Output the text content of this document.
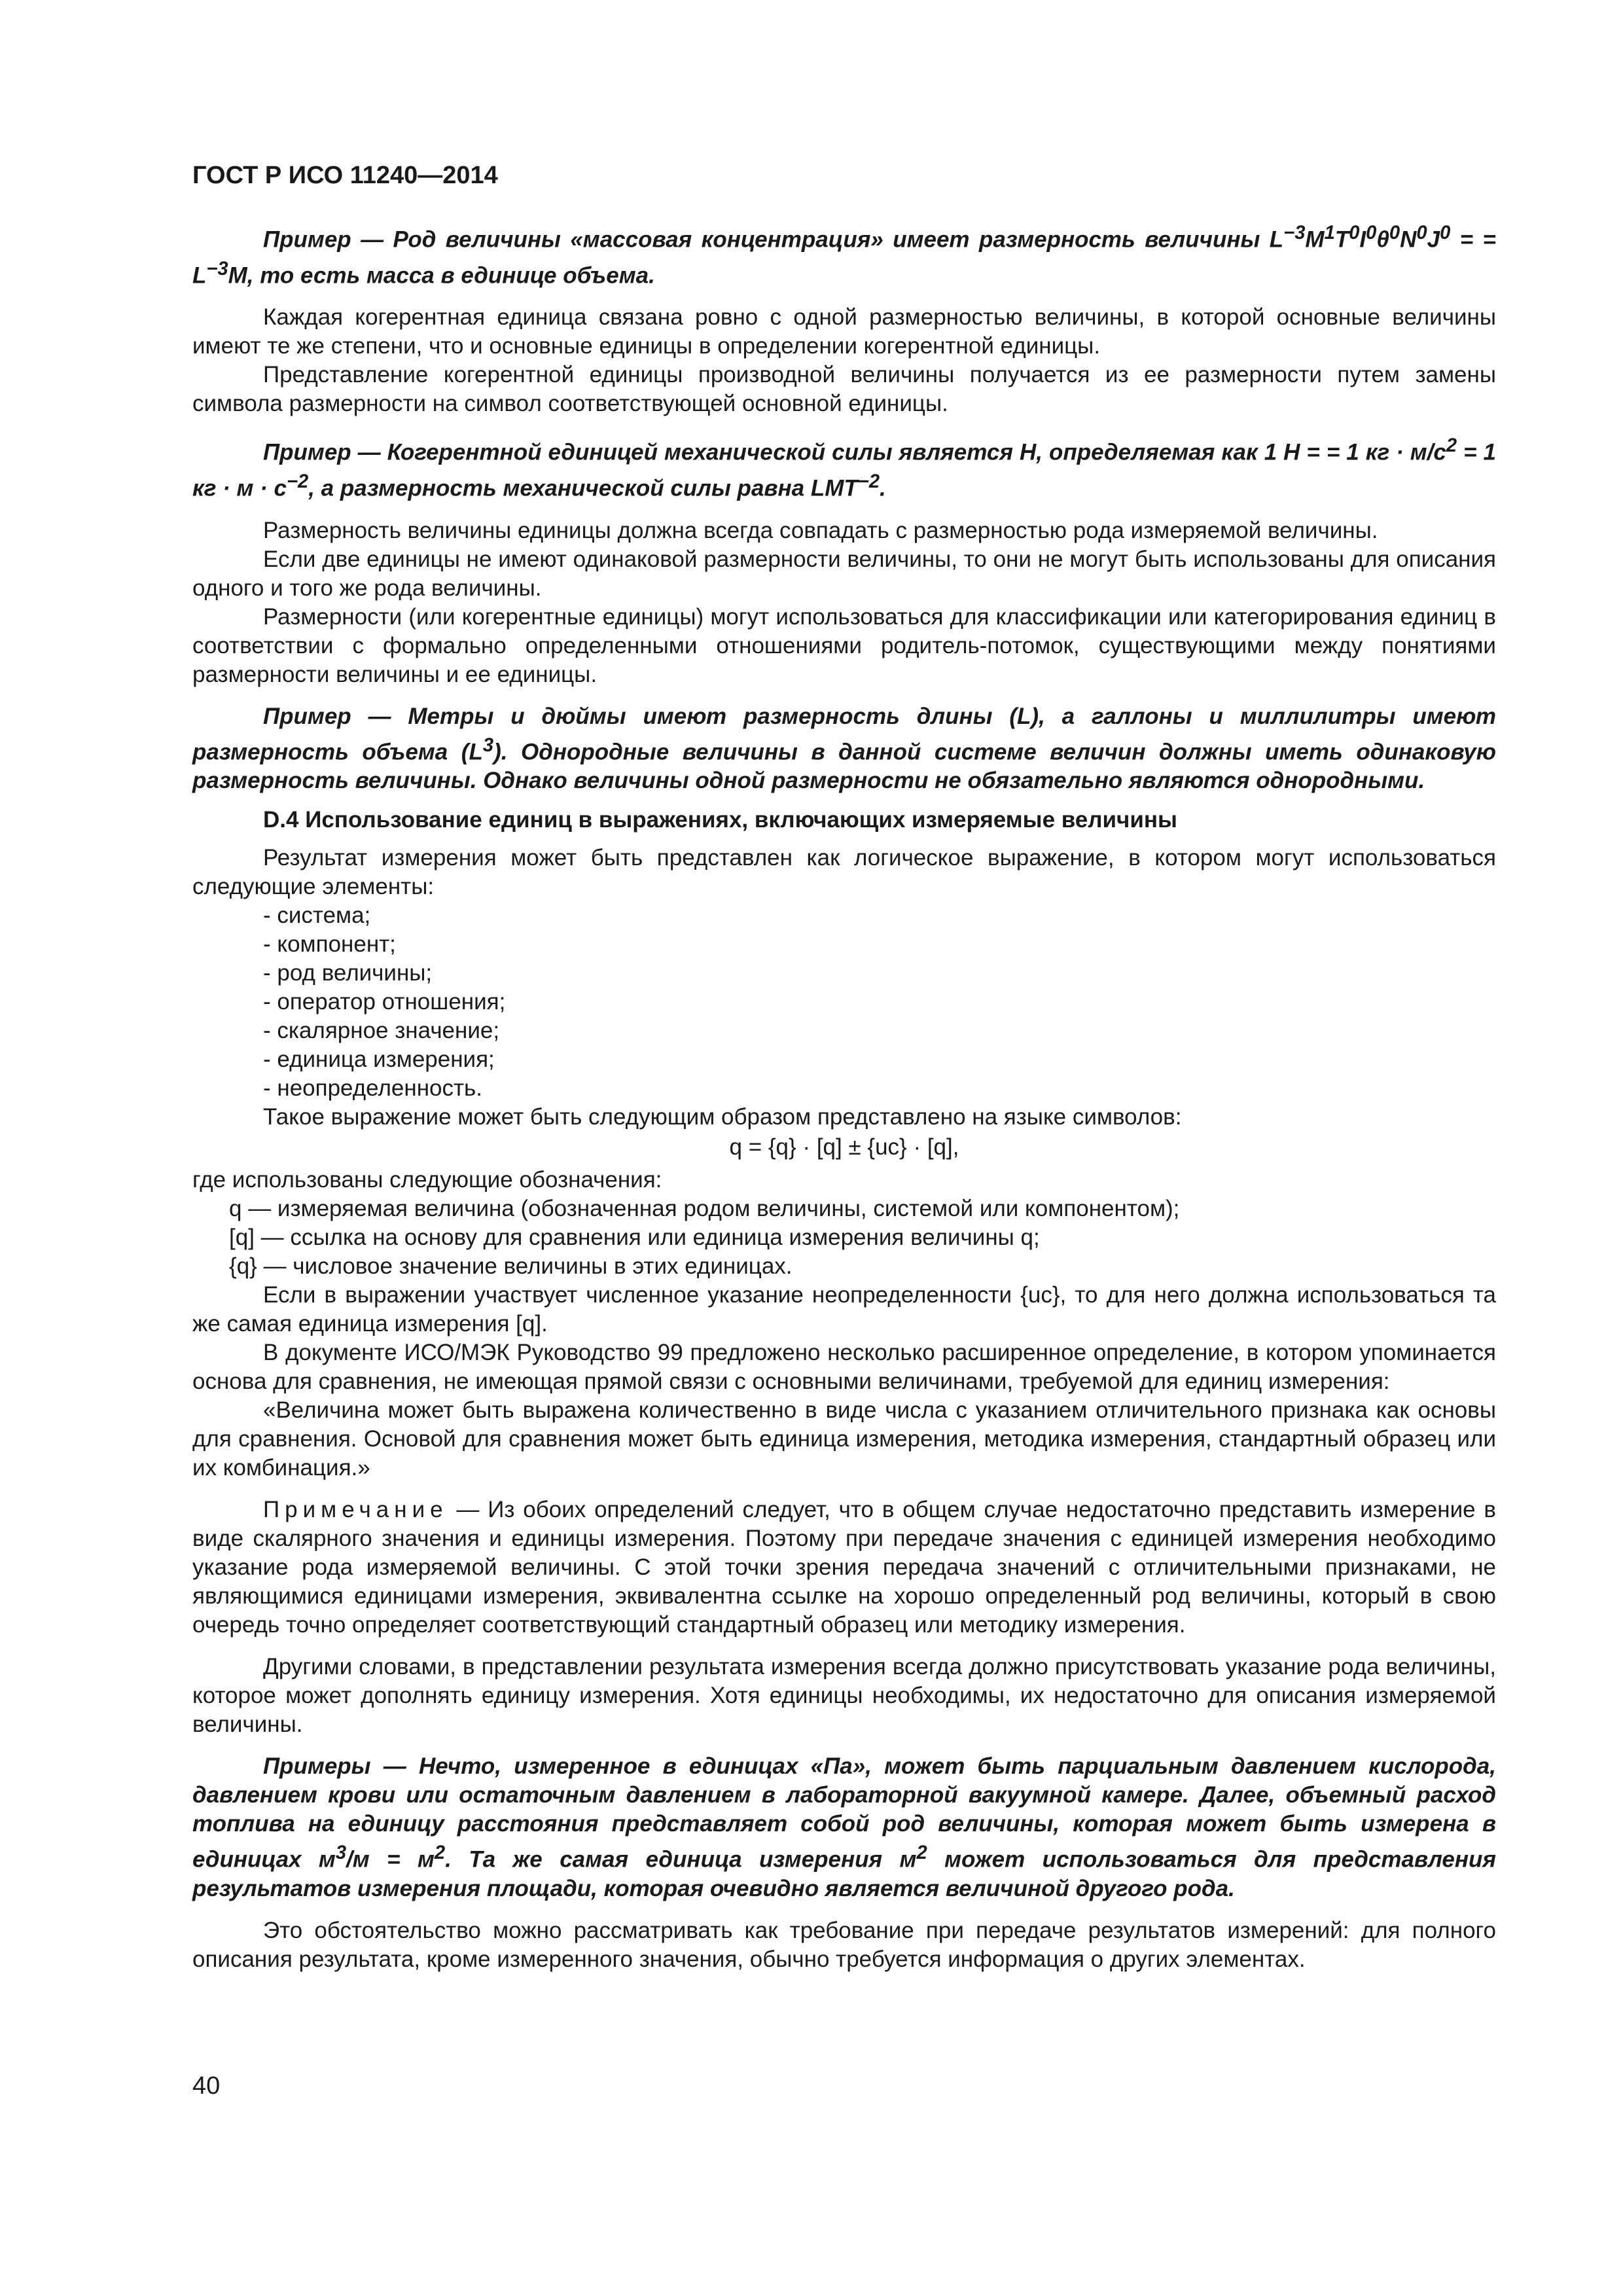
ГОСТ Р ИСО 11240—2014

Пример — Род величины «массовая концентрация» имеет размерность величины $L^{-3}M^1T^0I^0\theta^0N^0J^0$ = = $L^{-3}M$, то есть масса в единице объема.

Каждая когерентная единица связана ровно с одной размерностью величины, в которой основные величины имеют те же степени, что и основные единицы в определении когерентной единицы.

Представление когерентной единицы производной величины получается из ее размерности путем замены символа размерности на символ соответствующей основной единицы.

Пример — Когерентной единицей механической силы является Н, определяемая как 1 Н = = 1 кг · $м/с^2 = 1$ кг · $м \cdot с^{-2}$, а размерность механической силы равна $LMT^{-2}$.

Размерность величины единицы должна всегда совпадать с размерностью рода измеряемой величины.

Если две единицы не имеют одинаковой размерности величины, то они не могут быть использованы для описания одного и того же рода величины.

Размерности (или когерентные единицы) могут использоваться для классификации или категорирования единиц в соответствии с формально определенными отношениями родитель-потомок, существующими между понятиями размерности величины и ее единицы.

Пример — Метры и дюймы имеют размерность длины (L), а галлоны и миллилитры имеют размерность объема $(L^3)$. Однородные величины в данной системе величин должны иметь одинаковую размерность величины. Однако величины одной размерности не обязательно являются однородными.

D.4 Использование единиц в выражениях, включающих измеряемые величины

Результат измерения может быть представлен как логическое выражение, в котором могут использоваться следующие элементы:

- система;
- компонент;
- род величины;
- оператор отношения;
- скалярное значение;
- единица измерения;
- неопределенность.

Такое выражение может быть следующим образом представлено на языке символов:

q = {q} · [q] ± {uc} · [q],

где использованы следующие обозначения:

q — измеряемая величина (обозначенная родом величины, системой или компонентом);
[q] — ссылка на основу для сравнения или единица измерения величины q;
{q} — числовое значение величины в этих единицах.

Если в выражении участвует численное указание неопределенности {uc}, то для него должна использоваться та же самая единица измерения [q].

В документе ИСО/МЭК Руководство 99 предложено несколько расширенное определение, в котором упоминается основа для сравнения, не имеющая прямой связи с основными величинами, требуемой для единиц измерения:

«Величина может быть выражена количественно в виде числа с указанием отличительного признака как основы для сравнения. Основой для сравнения может быть единица измерения, методика измерения, стандартный образец или их комбинация.»

Примечание — Из обоих определений следует, что в общем случае недостаточно представить измерение в виде скалярного значения и единицы измерения. Поэтому при передаче значения с единицей измерения необходимо указание рода измеряемой величины. С этой точки зрения передача значений с отличительными признаками, не являющимися единицами измерения, эквивалентна ссылке на хорошо определенный род величины, который в свою очередь точно определяет соответствующий стандартный образец или методику измерения.

Другими словами, в представлении результата измерения всегда должно присутствовать указание рода величины, которое может дополнять единицу измерения. Хотя единицы необходимы, их недостаточно для описания измеряемой величины.

Примеры — Нечто, измеренное в единицах «Па», может быть парциальным давлением кислорода, давлением крови или остаточным давлением в лабораторной вакуумной камере. Далее, объемный расход топлива на единицу расстояния представляет собой род величины, которая может быть измерена в единицах $м^3/м = м^2$. Та же самая единица измерения $м^2$ может использоваться для представления результатов измерения площади, которая очевидно является величиной другого рода.

Это обстоятельство можно рассматривать как требование при передаче результатов измерений: для полного описания результата, кроме измеренного значения, обычно требуется информация о других элементах.

40
